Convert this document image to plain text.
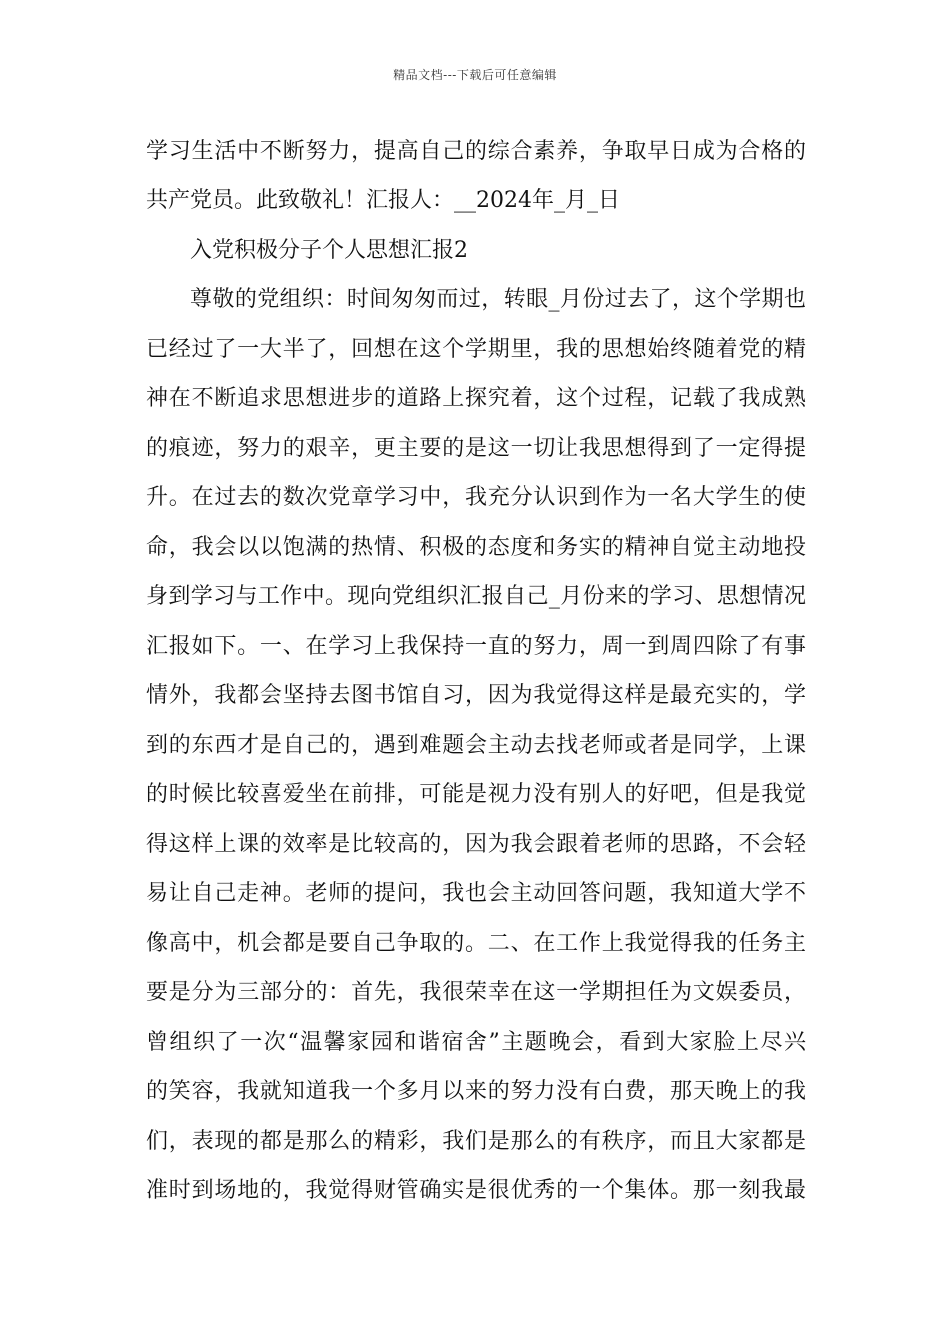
精品文档---下载后可任意编辑
学习生活中不断努力，提高自己的综合素养，争取早日成为合格的
共产党员。此致敬礼！汇报人：__2024年_月_日
入党积极分子个人思想汇报2
尊敬的党组织：时间匆匆而过，转眼_月份过去了，这个学期也
已经过了一大半了，回想在这个学期里，我的思想始终随着党的精
神在不断追求思想进步的道路上探究着，这个过程，记载了我成熟
的痕迹，努力的艰辛，更主要的是这一切让我思想得到了一定得提
升。在过去的数次党章学习中，我充分认识到作为一名大学生的使
命，我会以以饱满的热情、积极的态度和务实的精神自觉主动地投
身到学习与工作中。现向党组织汇报自己_月份来的学习、思想情况
汇报如下。一、在学习上我保持一直的努力，周一到周四除了有事
情外，我都会坚持去图书馆自习，因为我觉得这样是最充实的，学
到的东西才是自己的，遇到难题会主动去找老师或者是同学，上课
的时候比较喜爱坐在前排，可能是视力没有别人的好吧，但是我觉
得这样上课的效率是比较高的，因为我会跟着老师的思路，不会轻
易让自己走神。老师的提问，我也会主动回答问题，我知道大学不
像高中，机会都是要自己争取的。二、在工作上我觉得我的任务主
要是分为三部分的：首先，我很荣幸在这一学期担任为文娱委员，
曾组织了一次“温馨家园和谐宿舍”主题晚会，看到大家脸上尽兴
的笑容，我就知道我一个多月以来的努力没有白费，那天晚上的我
们，表现的都是那么的精彩，我们是那么的有秩序，而且大家都是
准时到场地的，我觉得财管确实是很优秀的一个集体。那一刻我最
